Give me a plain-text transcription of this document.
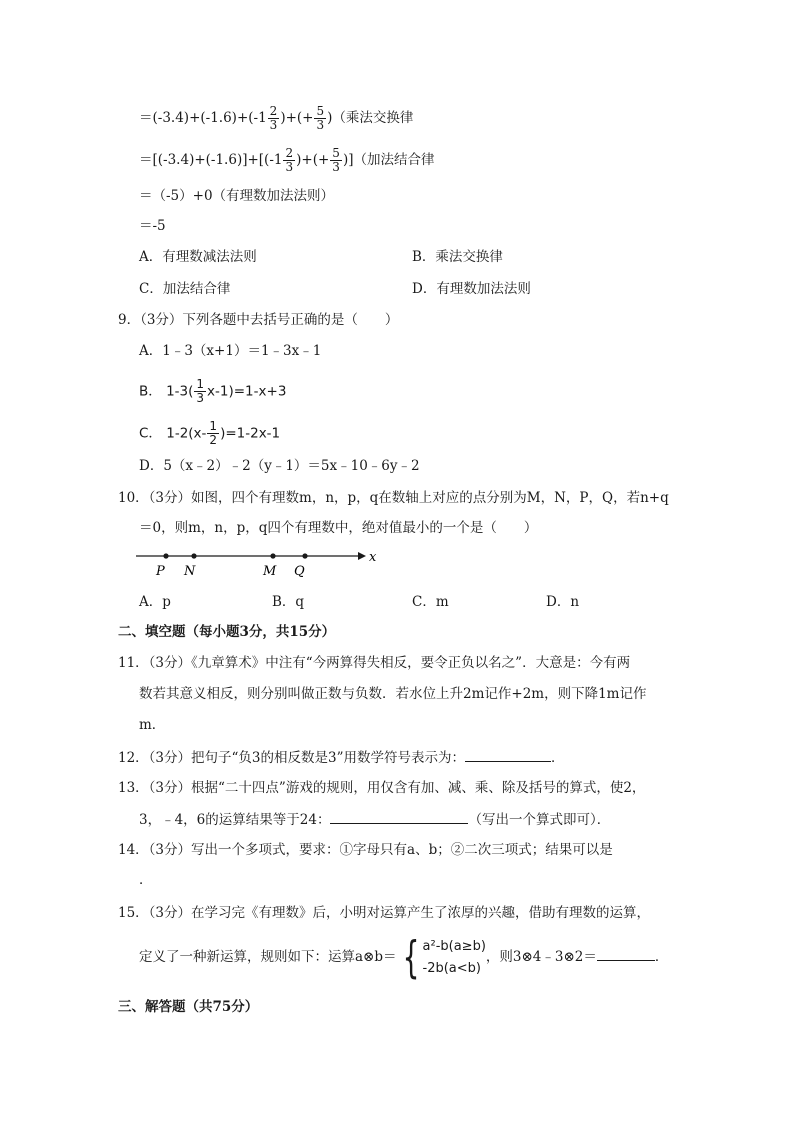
$=(-3.4)+(-1.6)+(-1 \frac{2}{3}$ )+(+ $\frac{5}{3}$ )（乘法交换律
$=[(-3.4)+(-1.6)]+[(-1 \frac{2}{3}$ )+(+ $\frac{5}{3}$ )]（加法结合律
＝（-5）+0（有理数加法法则）
＝-5
A．有理数减法法则	B．乘法交换律
C．加法结合律	D．有理数加法法则
9．（3分）下列各题中去括号正确的是（　　）
A．1﹣3（x+1）＝1﹣3x﹣1
B． $1-3( \frac{1}{3} x-1)=1-x+3$
C． $1-2(x- \frac{1}{2} )=1-2x-1$
D．5（x﹣2）﹣2（y﹣1）＝5x﹣10﹣6y﹣2
10．（3分）如图，四个有理数m，n，p，q在数轴上对应的点分别为M，N，P，Q，若n+q
＝0，则m，n，p，q四个有理数中，绝对值最小的一个是（　　）
P N	M Q
x
A．p	B．q	C．m	D．n
二、填空题（每小题3分，共15分）
11．（3分）《九章算术》中注有“今两算得失相反，要令正负以名之”．大意是：今有两
数若其意义相反，则分别叫做正数与负数．若水位上升2m记作+2m，则下降1m记作
m．
12．（3分）把句子“负3的相反数是3”用数学符号表示为：	．
13．（3分）根据“二十四点”游戏的规则，用仅含有加、减、乘、除及括号的算式，使2，
3，﹣4，6的运算结果等于24：	（写出一个算式即可）．
14．（3分）写出一个多项式，要求：①字母只有a、b；②二次三项式；结果可以是
．
15．（3分）在学习完《有理数》后，小明对运算产生了浓厚的兴趣，借助有理数的运算，
定义了一种新运算，规则如下：运算a⊗b＝ { a²-b(a≥b)
-2b(a<b)
，则3⊗4﹣3⊗2＝	．
三、解答题（共75分）
